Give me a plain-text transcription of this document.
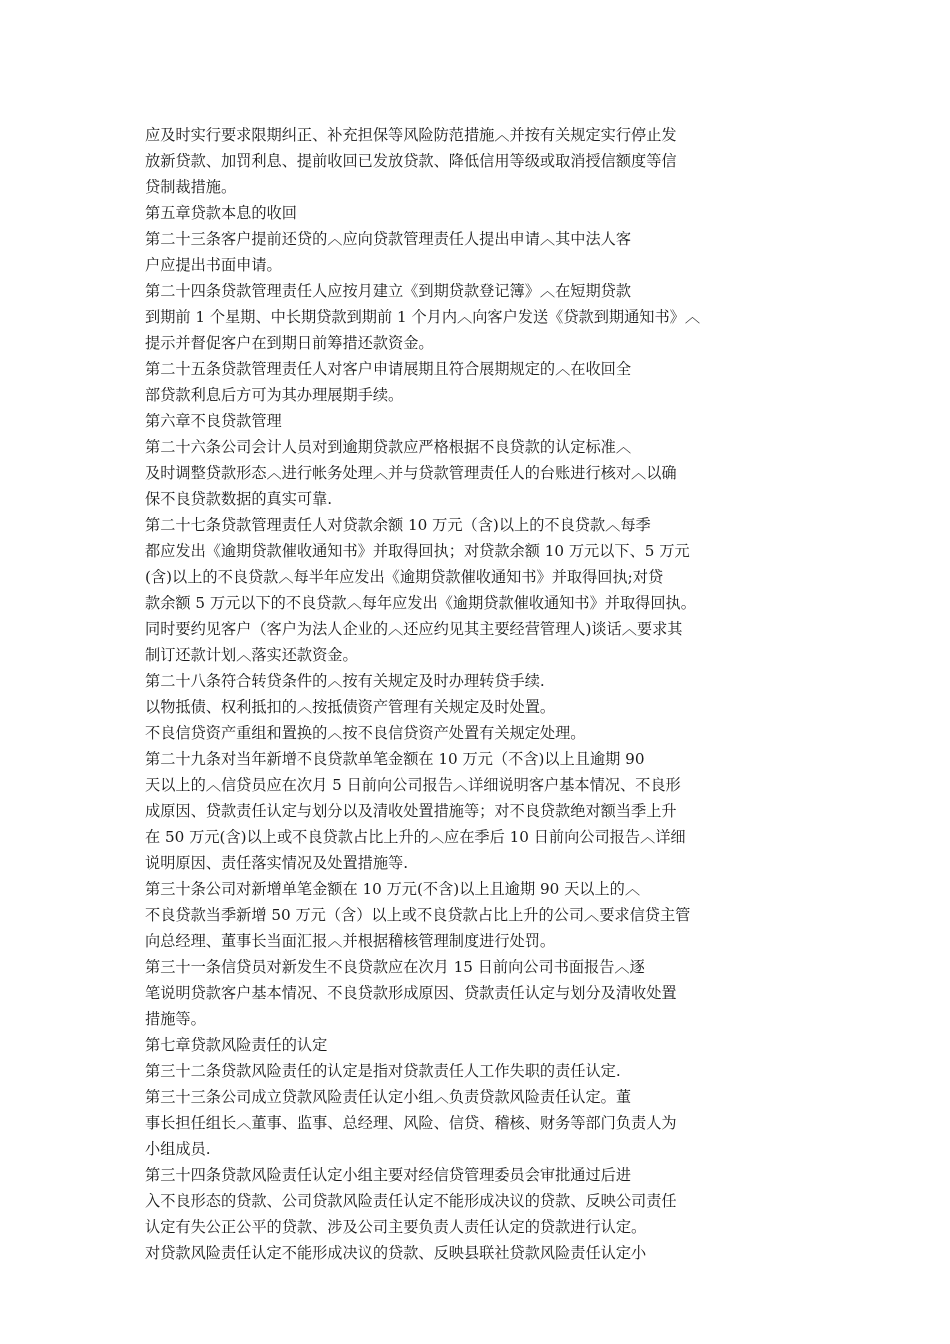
应及时实行要求限期纠正、补充担保等风险防范措施︿并按有关规定实行停止发
放新贷款、加罚利息、提前收回已发放贷款、降低信用等级或取消授信额度等信
贷制裁措施。
第五章贷款本息的收回
第二十三条客户提前还贷的︿应向贷款管理责任人提出申请︿其中法人客
户应提出书面申请。
第二十四条贷款管理责任人应按月建立《到期贷款登记簿》︿在短期贷款
到期前 1 个星期、中长期贷款到期前 1 个月内︿向客户发送《贷款到期通知书》︿
提示并督促客户在到期日前筹措还款资金。
第二十五条贷款管理责任人对客户申请展期且符合展期规定的︿在收回全
部贷款利息后方可为其办理展期手续。
第六章不良贷款管理
第二十六条公司会计人员对到逾期贷款应严格根据不良贷款的认定标准︿
及时调整贷款形态︿进行帐务处理︿并与贷款管理责任人的台账进行核对︿以确
保不良贷款数据的真实可靠.
第二十七条贷款管理责任人对贷款余额 10 万元（含)以上的不良贷款︿每季
都应发出《逾期贷款催收通知书》并取得回执；对贷款余额 10 万元以下、5 万元
(含)以上的不良贷款︿每半年应发出《逾期贷款催收通知书》并取得回执;对贷
款余额 5 万元以下的不良贷款︿每年应发出《逾期贷款催收通知书》并取得回执。
同时要约见客户（客户为法人企业的︿还应约见其主要经营管理人)谈话︿要求其
制订还款计划︿落实还款资金。
第二十八条符合转贷条件的︿按有关规定及时办理转贷手续.
以物抵债、权利抵扣的︿按抵债资产管理有关规定及时处置。
不良信贷资产重组和置换的︿按不良信贷资产处置有关规定处理。
第二十九条对当年新增不良贷款单笔金额在 10 万元（不含)以上且逾期 90
天以上的︿信贷员应在次月 5 日前向公司报告︿详细说明客户基本情况、不良形
成原因、贷款责任认定与划分以及清收处置措施等；对不良贷款绝对额当季上升
在 50 万元(含)以上或不良贷款占比上升的︿应在季后 10 日前向公司报告︿详细
说明原因、责任落实情况及处置措施等.
第三十条公司对新增单笔金额在 10 万元(不含)以上且逾期 90 天以上的︿
不良贷款当季新增 50 万元（含）以上或不良贷款占比上升的公司︿要求信贷主管
向总经理、董事长当面汇报︿并根据稽核管理制度进行处罚。
第三十一条信贷员对新发生不良贷款应在次月 15 日前向公司书面报告︿逐
笔说明贷款客户基本情况、不良贷款形成原因、贷款责任认定与划分及清收处置
措施等。
第七章贷款风险责任的认定
第三十二条贷款风险责任的认定是指对贷款责任人工作失职的责任认定.
第三十三条公司成立贷款风险责任认定小组︿负责贷款风险责任认定。董
事长担任组长︿董事、监事、总经理、风险、信贷、稽核、财务等部门负责人为
小组成员.
第三十四条贷款风险责任认定小组主要对经信贷管理委员会审批通过后进
入不良形态的贷款、公司贷款风险责任认定不能形成决议的贷款、反映公司责任
认定有失公正公平的贷款、涉及公司主要负责人责任认定的贷款进行认定。
对贷款风险责任认定不能形成决议的贷款、反映县联社贷款风险责任认定小
